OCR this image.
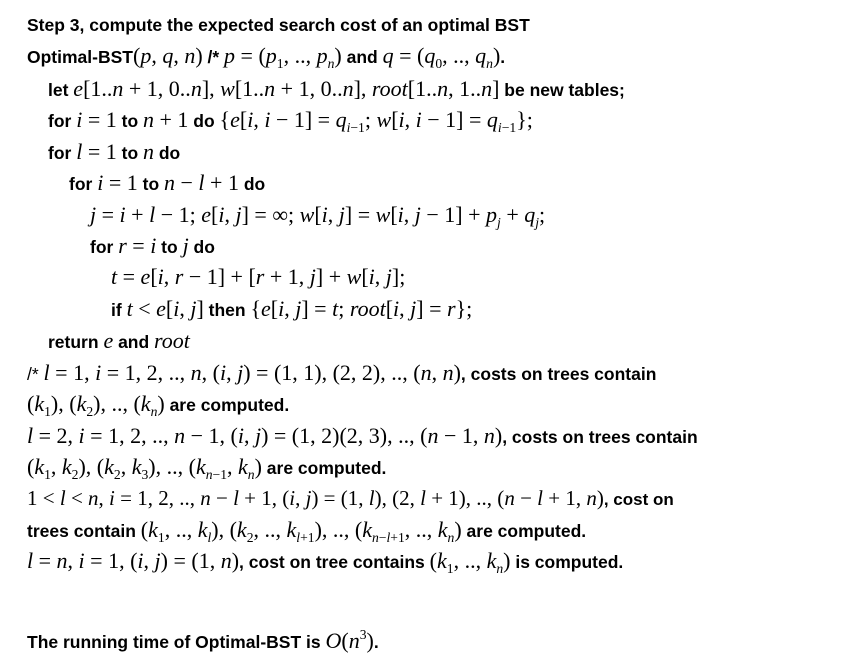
Step 3, compute the expected search cost of an optimal BST
Optimal-BST(p, q, $n) /* p = (p_1$, .., $p_n$) and $q = (q_0$, .., $q_n$).
let e[1..n + 1, 0..n], w[1..n + 1, 0..n], root[1..n, 1..n] be new tables;
for i = 1 to n + 1 do {e[i, $i - 1] = q_{i-1}$; w[i, $i - 1] = q_{i-1}$};
for l = 1 to n do
for i = 1 to n − l + 1 do
j = i + l − 1; e[i, j] = ∞; w[i, j] = w[i, $j - 1] + p_j + q_j$;
for r = i to j do
t = e[i, r − 1] + [r + 1, j] + w[i, j];
if t < e[i, j] then {e[i, j] = t; root[i, j] = r};
return e and root
/* l = 1, i = 1, 2, .., n, (i, j) = (1, 1), (2, 2), .., (n, n), costs on trees contain
$(k_1)$, $(k_2)$, .., $(k_n)$ are computed.
l = 2, i = 1, 2, .., n − 1, (i, j) = (1, 2)(2, 3), .., (n − 1, n), costs on trees contain
($k_1$, $k_2$), ($k_2$, $k_3$), .., ($k_{n-1}$, $k_n$) are computed.
1 < l < n, i = 1, 2, .., n − l + 1, (i, j) = (1, l), (2, l + 1), .., (n − l + 1, n), cost on
trees contain ($k_1$, .., $k_l$), ($k_2$, .., $k_{l+1}$), .., ($k_{n-l+1}$, .., $k_n$) are computed.
l = n, i = 1, (i, j) = (1, n), cost on tree contains ($k_1$, .., $k_n$) is computed.
The running time of Optimal-BST is $O(n^3)$.
